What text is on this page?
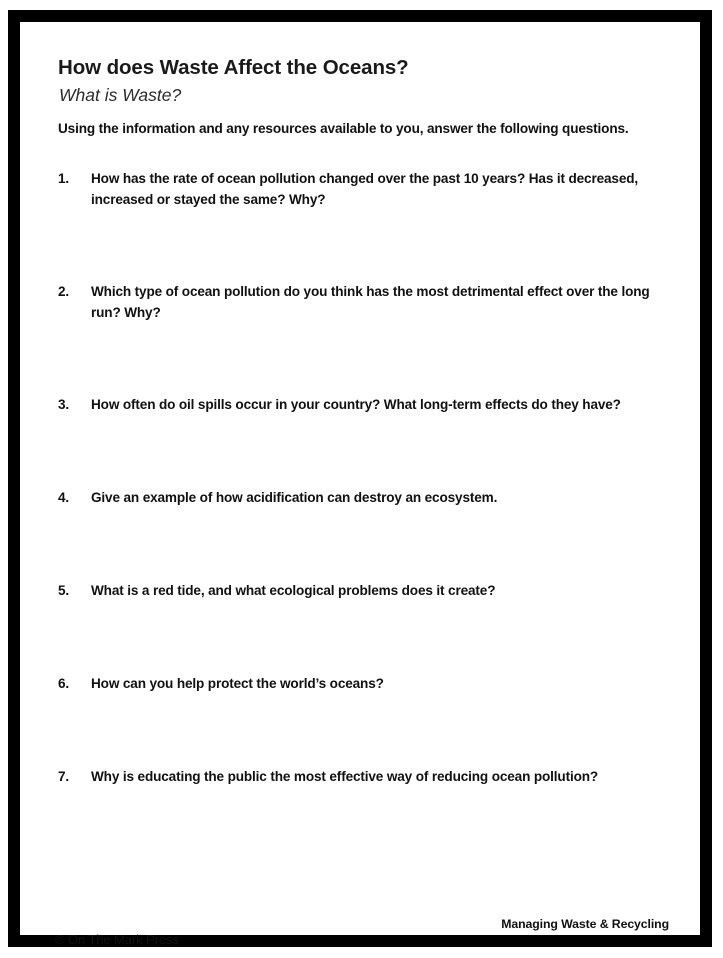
How does Waste Affect the Oceans?
What is Waste?
Using the information and any resources available to you, answer the following questions.
1.	How has the rate of ocean pollution changed over the past 10 years? Has it decreased, increased or stayed the same? Why?
2.	Which type of ocean pollution do you think has the most detrimental effect over the long run? Why?
3.	How often do oil spills occur in your country? What long-term effects do they have?
4.	Give an example of how acidification can destroy an ecosystem.
5.	What is a red tide, and what ecological problems does it create?
6.	How can you help protect the world’s oceans?
7.	Why is educating the public the most effective way of reducing ocean pollution?
Managing Waste & Recycling
© On The Mark Press
